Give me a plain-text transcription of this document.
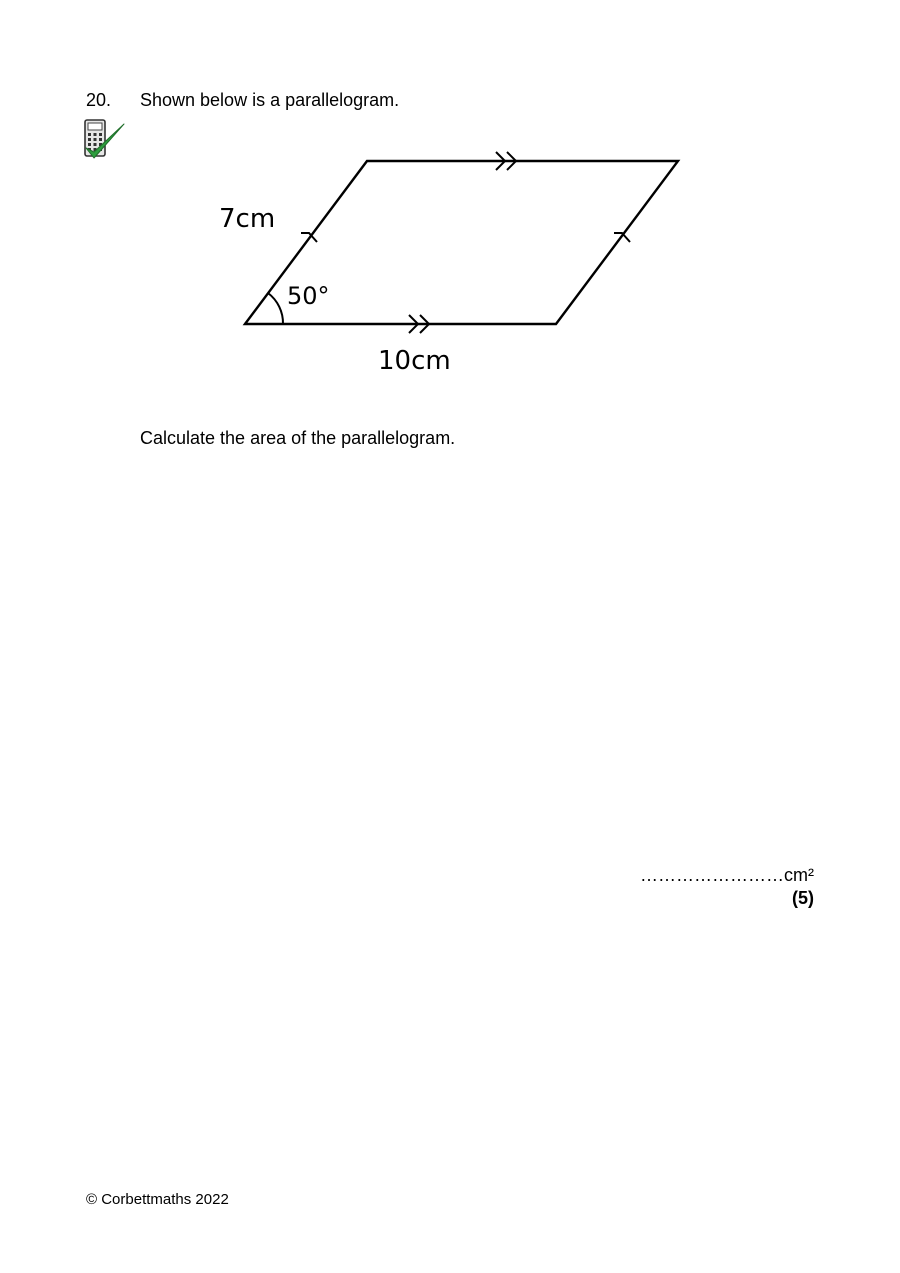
20. Shown below is a parallelogram.
7cm
50°
10cm
Calculate the area of the parallelogram.
……………………cm²
(5)
© Corbettmaths 2022
